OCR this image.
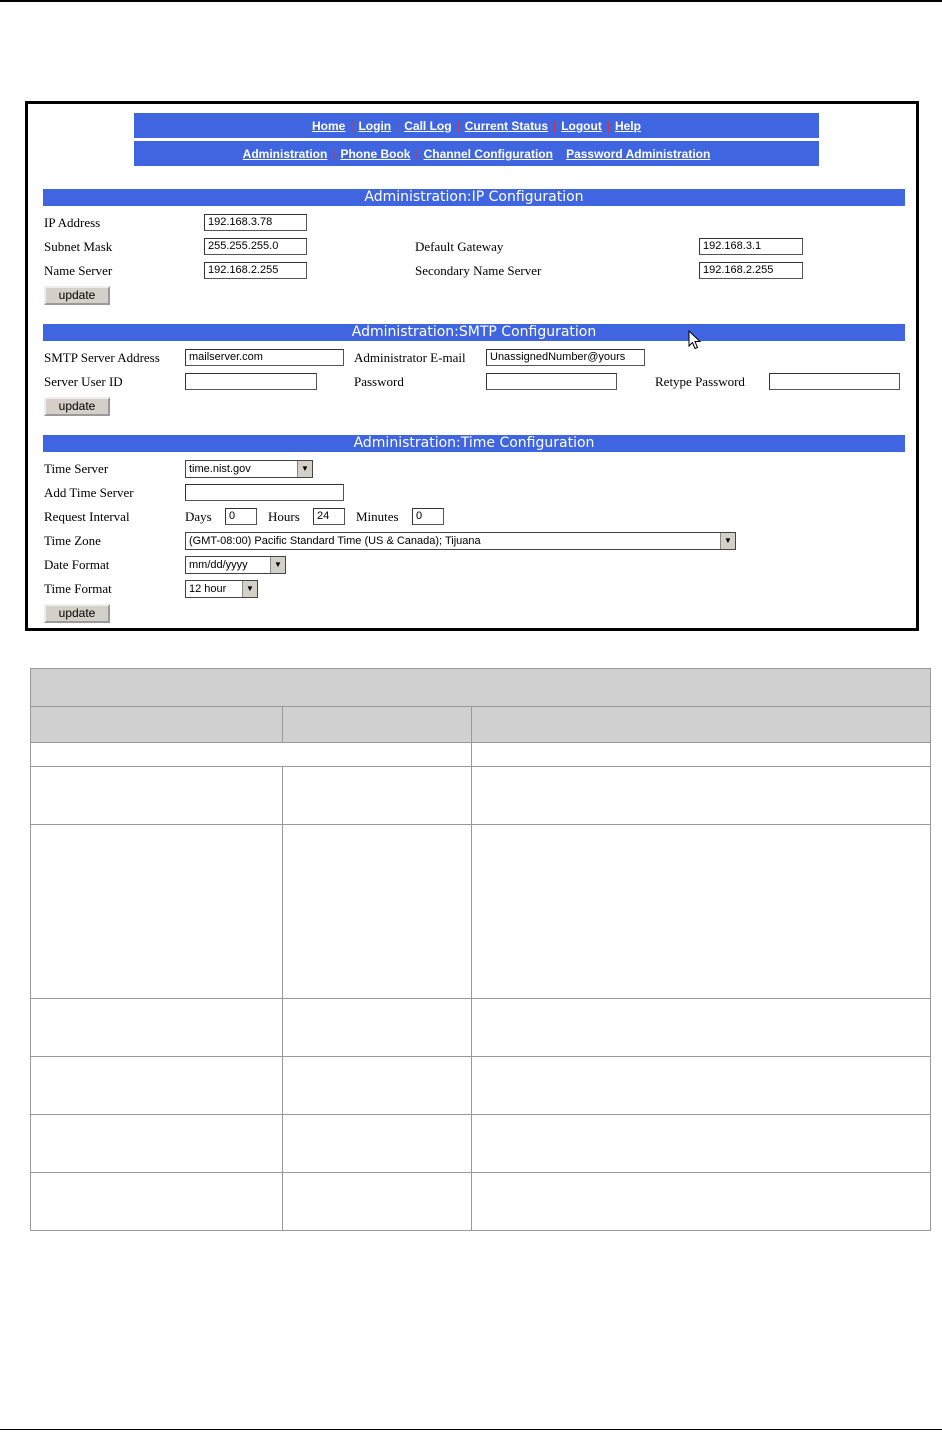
Home | Login | Call Log | Current Status | Logout | Help
Administration | Phone Book | Channel Configuration | Password Administration
Administration:IP Configuration
IP Address	192.168.3.78
Subnet Mask	255.255.255.0	Default Gateway	192.168.3.1
Name Server	192.168.2.255	Secondary Name Server	192.168.2.255
update
Administration:SMTP Configuration
SMTP Server Address	mailserver.com	Administrator E-mail	UnassignedNumber@yours
Server User ID	Password	Retype Password
update
Administration:Time Configuration
Time Server	time.nist.gov	▼
Add Time Server
Request Interval	Days	0	Hours	24	Minutes	0
Time Zone	(GMT-08:00) Pacific Standard Time (US & Canada); Tijuana	▼
Date Format	mm/dd/yyyy	▼
Time Format	12 hour	▼
update
